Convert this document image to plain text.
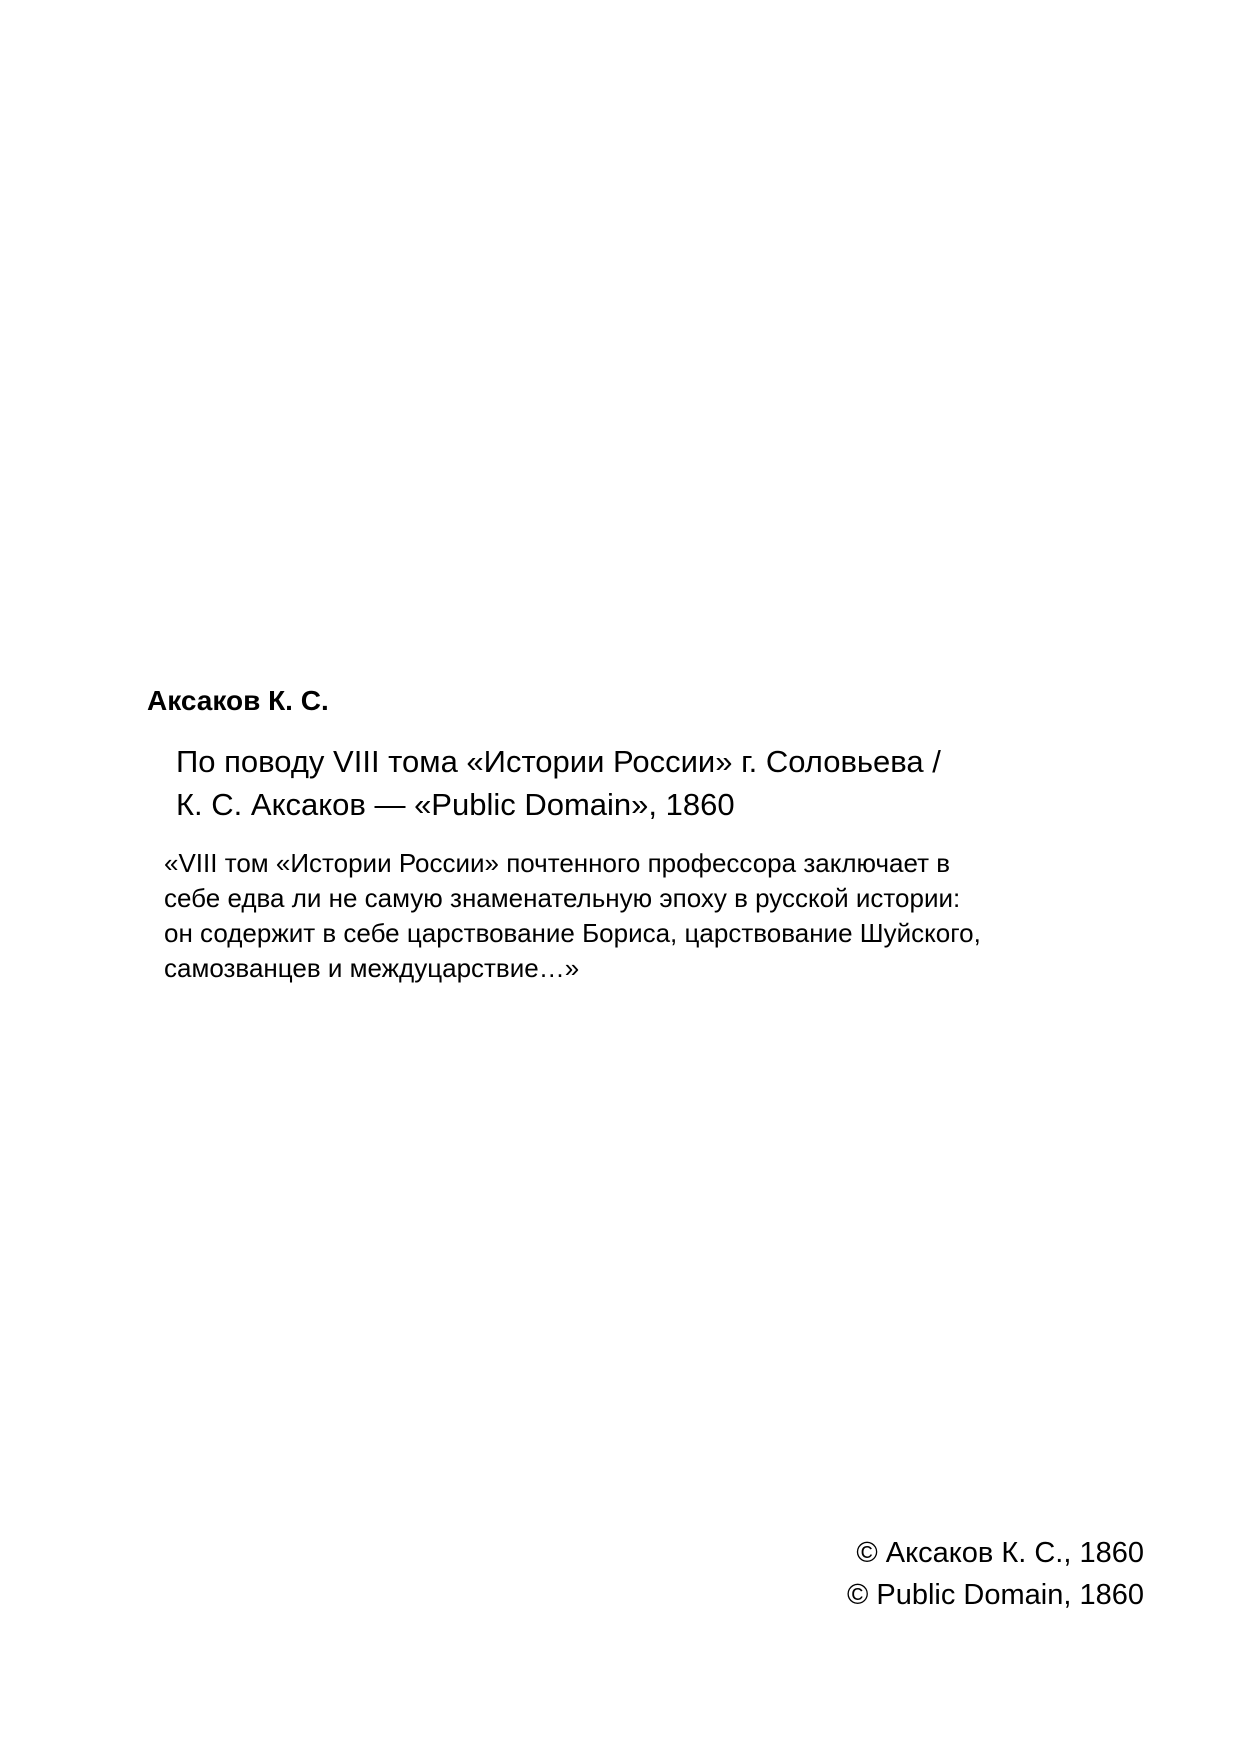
Аксаков К. С.
По поводу VIII тома «Истории России» г. Соловьева /
К. С. Аксаков — «Public Domain», 1860
«VIII том «Истории России» почтенного профессора заключает в
себе едва ли не самую знаменательную эпоху в русской истории:
он содержит в себе царствование Бориса, царствование Шуйского,
самозванцев и междуцарствие…»
© Аксаков К. С., 1860
© Public Domain, 1860
